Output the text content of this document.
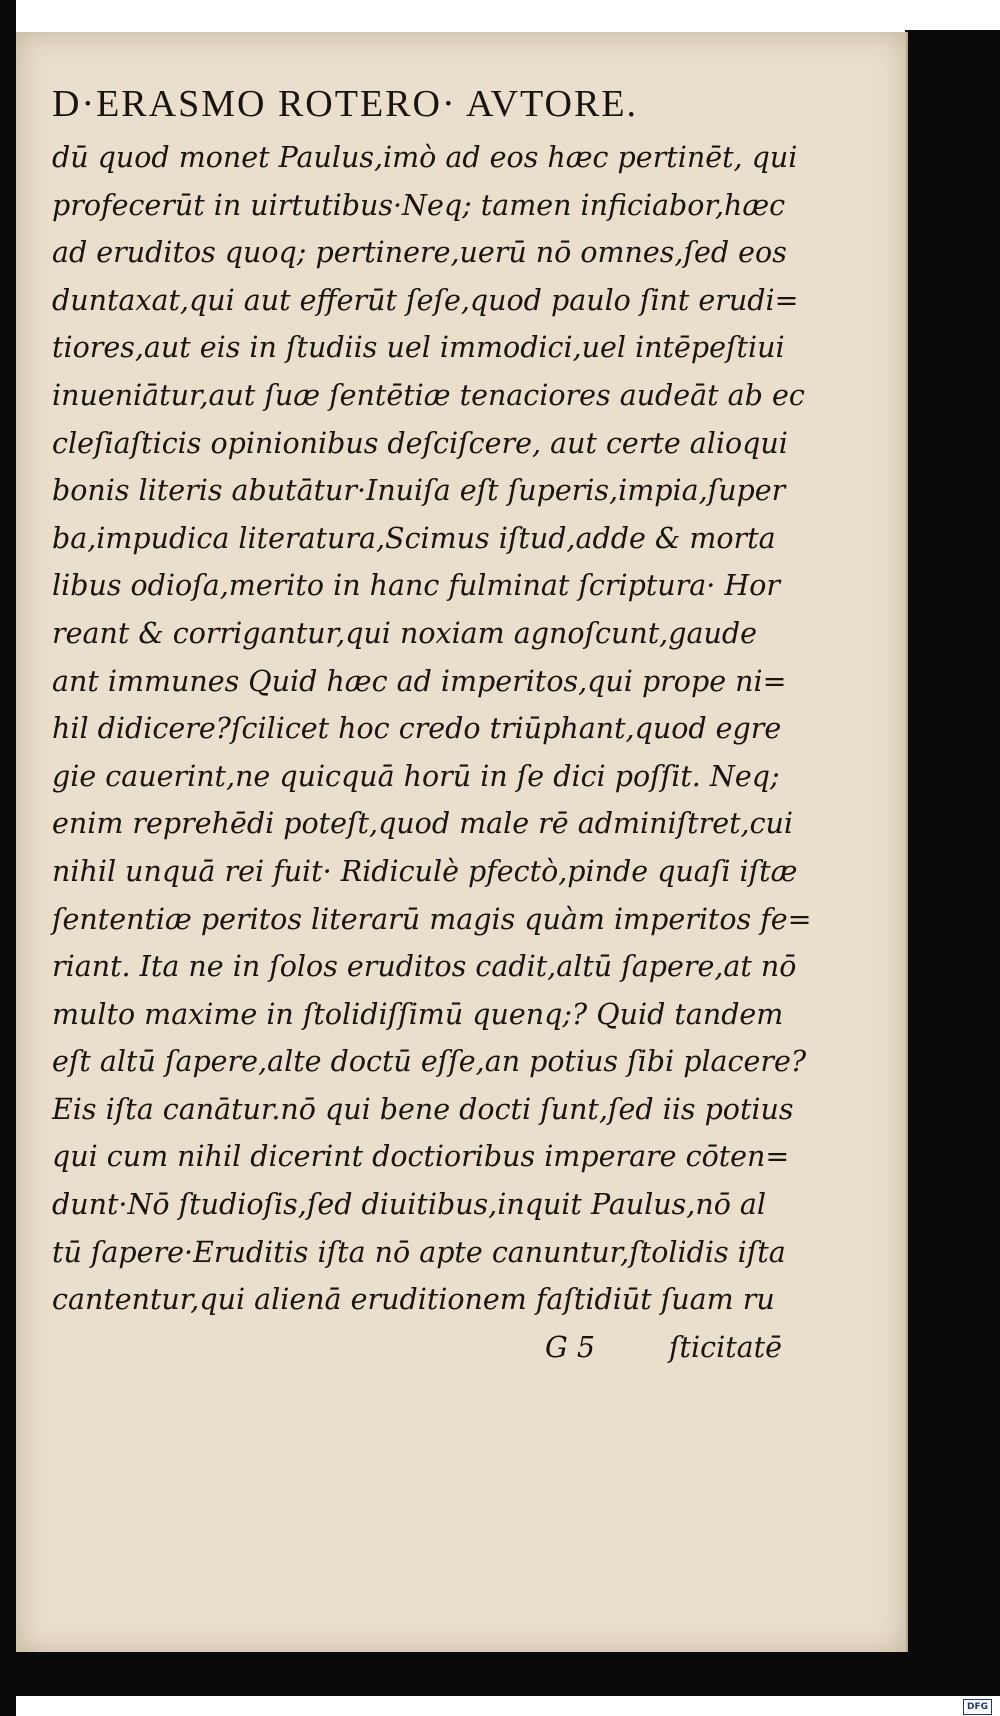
D·ERASMO ROTERO· AVTORE.
dū quod monet Paulus,imò ad eos hæc pertinēt, qui
profecerūt in uirtutibus·Neq; tamen inficiabor,hæc
ad eruditos quoq; pertinere,uerū nō omnes,ſed eos
duntaxat,qui aut efferūt ſeſe,quod paulo ſint erudi=
tiores,aut eis in ſtudiis uel immodici,uel intēpeſtiui
inueniātur,aut ſuæ ſentētiæ tenaciores audeāt ab ec
cleſiaſticis opinionibus deſciſcere, aut certe alioqui
bonis literis abutātur·Inuiſa eſt ſuperis,impia,ſuper
ba,impudica literatura,Scimus iſtud,adde & morta
libus odioſa,merito in hanc fulminat ſcriptura· Hor
reant & corrigantur,qui noxiam agnoſcunt,gaude
ant immunes Quid hæc ad imperitos,qui prope ni=
hil didicere?ſcilicet hoc credo triūphant,quod egre
gie cauerint,ne quicquā horū in ſe dici poſſit. Neq;
enim reprehēdi poteſt,quod male rē adminiſtret,cui
nihil unquā rei fuit· Ridiculè pfectò,pinde quaſi iſtæ
ſententiæ peritos literarū magis quàm imperitos fe=
riant. Ita ne in ſolos eruditos cadit,altū ſapere,at nō
multo maxime in ſtolidiſſimū quenq;? Quid tandem
eſt altū ſapere,alte doctū eſſe,an potius ſibi placere?
Eis iſta canātur.nō qui bene docti ſunt,ſed iis potius
qui cum nihil dicerint doctioribus imperare cōten=
dunt·Nō ſtudioſis,ſed diuitibus,inquit Paulus,nō al
tū ſapere·Eruditis iſta nō apte canuntur,ſtolidis iſta
cantentur,qui alienā eruditionem faſtidiūt ſuam ru
G 5	ſticitatē
Digitalisierung gefördert durch die Deutsche Forschungsgemeinschaft - DFG
